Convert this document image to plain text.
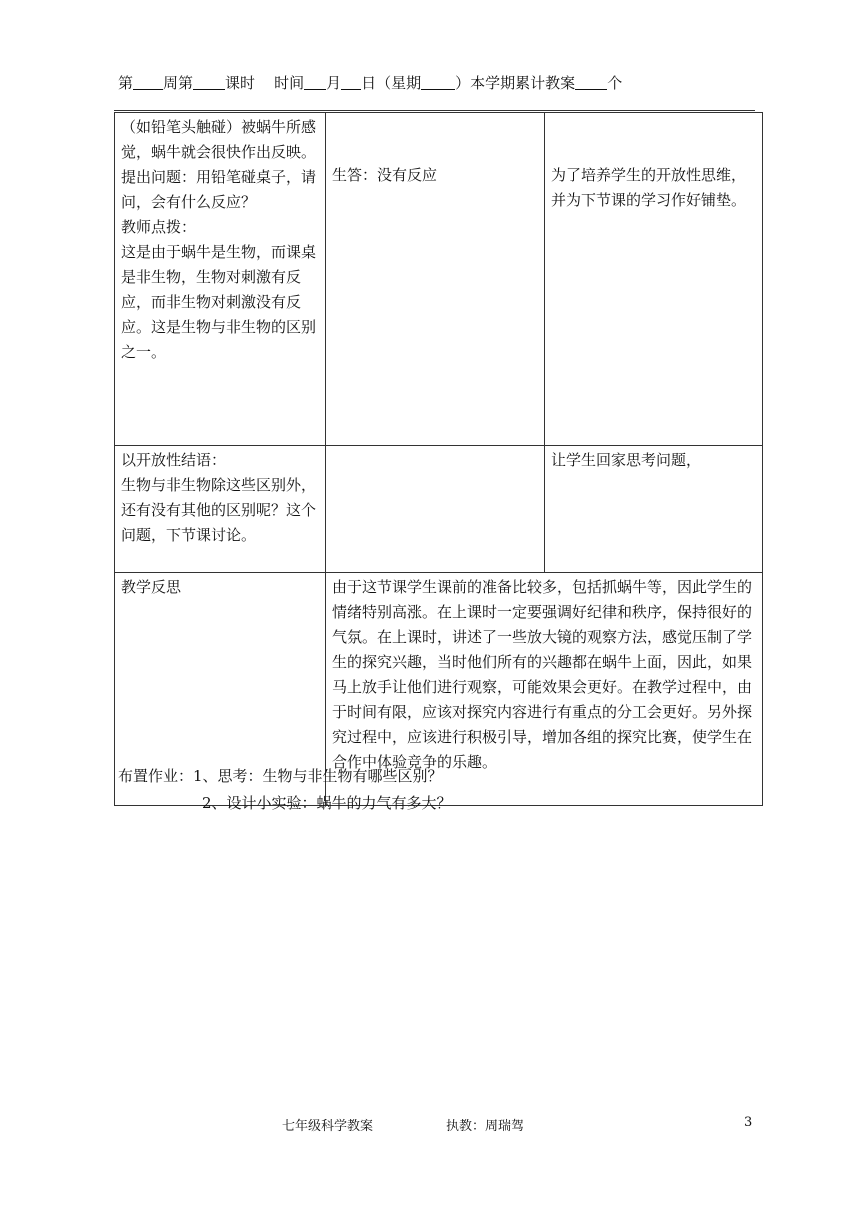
第 周第 课时 时间 月 日（星期 ）本学期累计教案 个
（如铅笔头触碰）被蜗牛所感觉，蜗牛就会很快作出反映。
提出问题：用铅笔碰桌子，请问，会有什么反应？
教师点拨：
这是由于蜗牛是生物，而课桌是非生物，生物对刺激有反应，而非生物对刺激没有反应。这是生物与非生物的区别之一。	生答：没有反应	为了培养学生的开放性思维，并为下节课的学习作好铺垫。

以开放性结语：
生物与非生物除这些区别外，还有没有其他的区别呢？这个问题，下节课讨论。		让学生回家思考问题，

教学反思	由于这节课学生课前的准备比较多，包括抓蜗牛等，因此学生的情绪特别高涨。在上课时一定要强调好纪律和秩序，保持很好的气氛。在上课时，讲述了一些放大镜的观察方法，感觉压制了学生的探究兴趣，当时他们所有的兴趣都在蜗牛上面，因此，如果马上放手让他们进行观察，可能效果会更好。在教学过程中，由于时间有限，应该对探究内容进行有重点的分工会更好。另外探究过程中，应该进行积极引导，增加各组的探究比赛，使学生在合作中体验竞争的乐趣。	
布置作业：1、思考：生物与非生物有哪些区别？
2、设计小实验：蜗牛的力气有多大？
七年级科学教案	执教：周瑞驾	3
